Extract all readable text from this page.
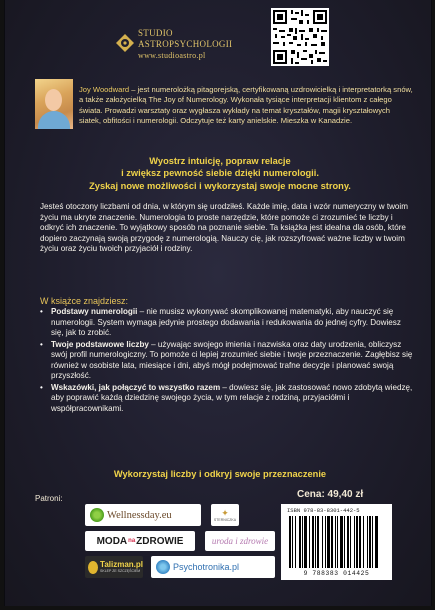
STUDIO
ASTROPSYCHOLOGII
www.studioastro.pl
Joy Woodward – jest numerolożką pitagorejską, certyfikowaną uzdrowicielką i interpretatorką snów, a także założycielką The Joy of Numerology. Wykonała tysiące interpretacji klientom z całego świata. Prowadzi warsztaty oraz wygłasza wykłady na temat kryształów, magii kryształowych siatek, obfitości i numerologii. Odczytuje też karty anielskie. Mieszka w Kanadzie.
Wyostrz intuicję, popraw relacje
i zwiększ pewność siebie dzięki numerologii.
Zyskaj nowe możliwości i wykorzystaj swoje mocne strony.
Jesteś otoczony liczbami od dnia, w którym się urodziłeś. Każde imię, data i wzór numeryczny w twoim życiu ma ukryte znaczenie. Numerologia to proste narzędzie, które pomoże ci zrozumieć te liczby i odkryć ich znaczenie. To wyjątkowy sposób na poznanie siebie. Ta książka jest idealna dla osób, które dopiero zaczynają swoją przygodę z numerologią. Nauczy cię, jak rozszyfrować ważne liczby w twoim życiu oraz życiu twoich przyjaciół i rodziny.
W książce znajdziesz:
• Podstawy numerologii – nie musisz wykonywać skomplikowanej matematyki, aby nauczyć się numerologii. System wymaga jedynie prostego dodawania i redukowania do jednej cyfry. Dowiesz się, jak to zrobić.
• Twoje podstawowe liczby – używając swojego imienia i nazwiska oraz daty urodzenia, obliczysz swój profil numerologiczny. To pomoże ci lepiej zrozumieć siebie i twoje przeznaczenie. Zagłębisz się również w osobiste lata, miesiące i dni, abyś mógł podejmować trafne decyzje i planować swoją przyszłość.
• Wskazówki, jak połączyć to wszystko razem – dowiesz się, jak zastosować nowo zdobytą wiedzę, aby poprawić każdą dziedzinę swojego życia, w tym relacje z rodziną, przyjaciółmi i współpracownikami.
Wykorzystaj liczby i odkryj swoje przeznaczenie
Patroni:	Cena: 49,40 zł
Wellnessday.eu	✦
STERNICZKA
MODA na ZDROWIE	uroda i zdrowie
Talizman.pl
SKLEP ZE SZCZĘŚCIEM	Psychotronika.pl
ISBN 978-83-8301-442-5
9 788383 014425
